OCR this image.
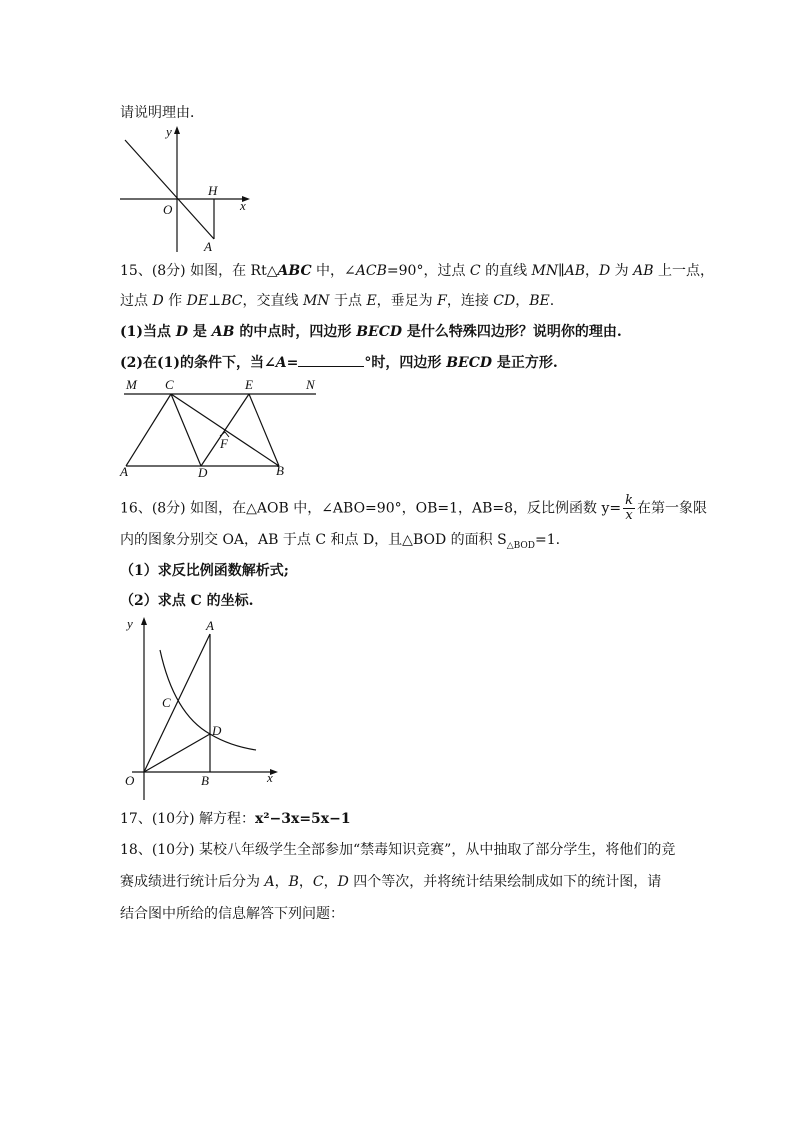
请说明理由．
y
x
O
H
A
15、(8分) 如图，在 Rt△ABC 中，∠ACB=90°，过点 C 的直线 MN∥AB，D 为 AB 上一点，
过点 D 作 DE⊥BC，交直线 MN 于点 E，垂足为 F，连接 CD，BE.
(1)当点 D 是 AB 的中点时，四边形 BECD 是什么特殊四边形？说明你的理由.
(2)在(1)的条件下，当∠A=	°时，四边形 BECD 是正方形.
M C	E	N
F
A	D	B
16、(8分) 如图，在△AOB 中，∠ABO=90°，OB=1，AB=8，反比例函数 $y= \frac{k}{x}$ 在第一象限
内的图象分别交 OA，AB 于点 C 和点 D，且△BOD 的面积 $S_{\triangle BOD}=1$.
（1）求反比例函数解析式;
（2）求点 C 的坐标.
y	A
C
D
O	B	x
17、(10分) 解方程：x²−3x=5x−1
18、(10分) 某校八年级学生全部参加“禁毒知识竞赛”，从中抽取了部分学生，将他们的竞
赛成绩进行统计后分为 A，B，C，D 四个等次，并将统计结果绘制成如下的统计图，请
结合图中所给的信息解答下列问题：
